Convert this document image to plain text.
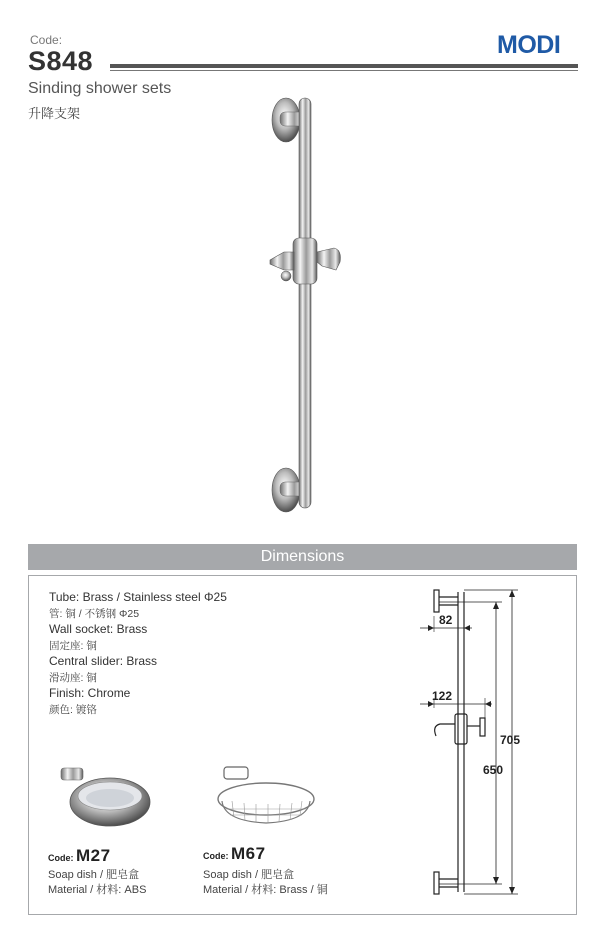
Code:
S848
MODI
Sinding shower sets
升降支架
Dimensions
Tube: Brass / Stainless steel Φ25
管: 铜 / 不锈钢 Φ25
Wall socket: Brass
固定座: 铜
Central slider: Brass
滑动座: 铜
Finish: Chrome
颜色: 镀铬
Code: M27
Soap dish / 肥皂盒
Material / 材料: ABS
Code: M67
Soap dish / 肥皂盒
Material / 材料: Brass / 铜
82
122
705
650
